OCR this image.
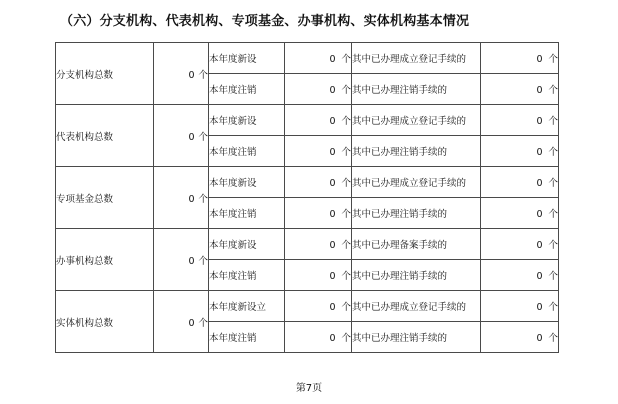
（六）分支机构、代表机构、专项基金、办事机构、实体机构基本情况
分支机构总数	0 个	本年度新设	0 个	其中已办理成立登记手续的	0 个
		本年度注销	0 个	其中已办理注销手续的	0 个
代表机构总数	0 个	本年度新设	0 个	其中已办理成立登记手续的	0 个
		本年度注销	0 个	其中已办理注销手续的	0 个
专项基金总数	0 个	本年度新设	0 个	其中已办理成立登记手续的	0 个
		本年度注销	0 个	其中已办理注销手续的	0 个
办事机构总数	0 个	本年度新设	0 个	其中已办理备案手续的	0 个
		本年度注销	0 个	其中已办理注销手续的	0 个
实体机构总数	0 个	本年度新设立	0 个	其中已办理成立登记手续的	0 个
		本年度注销	0 个	其中已办理注销手续的	0 个
第7页
